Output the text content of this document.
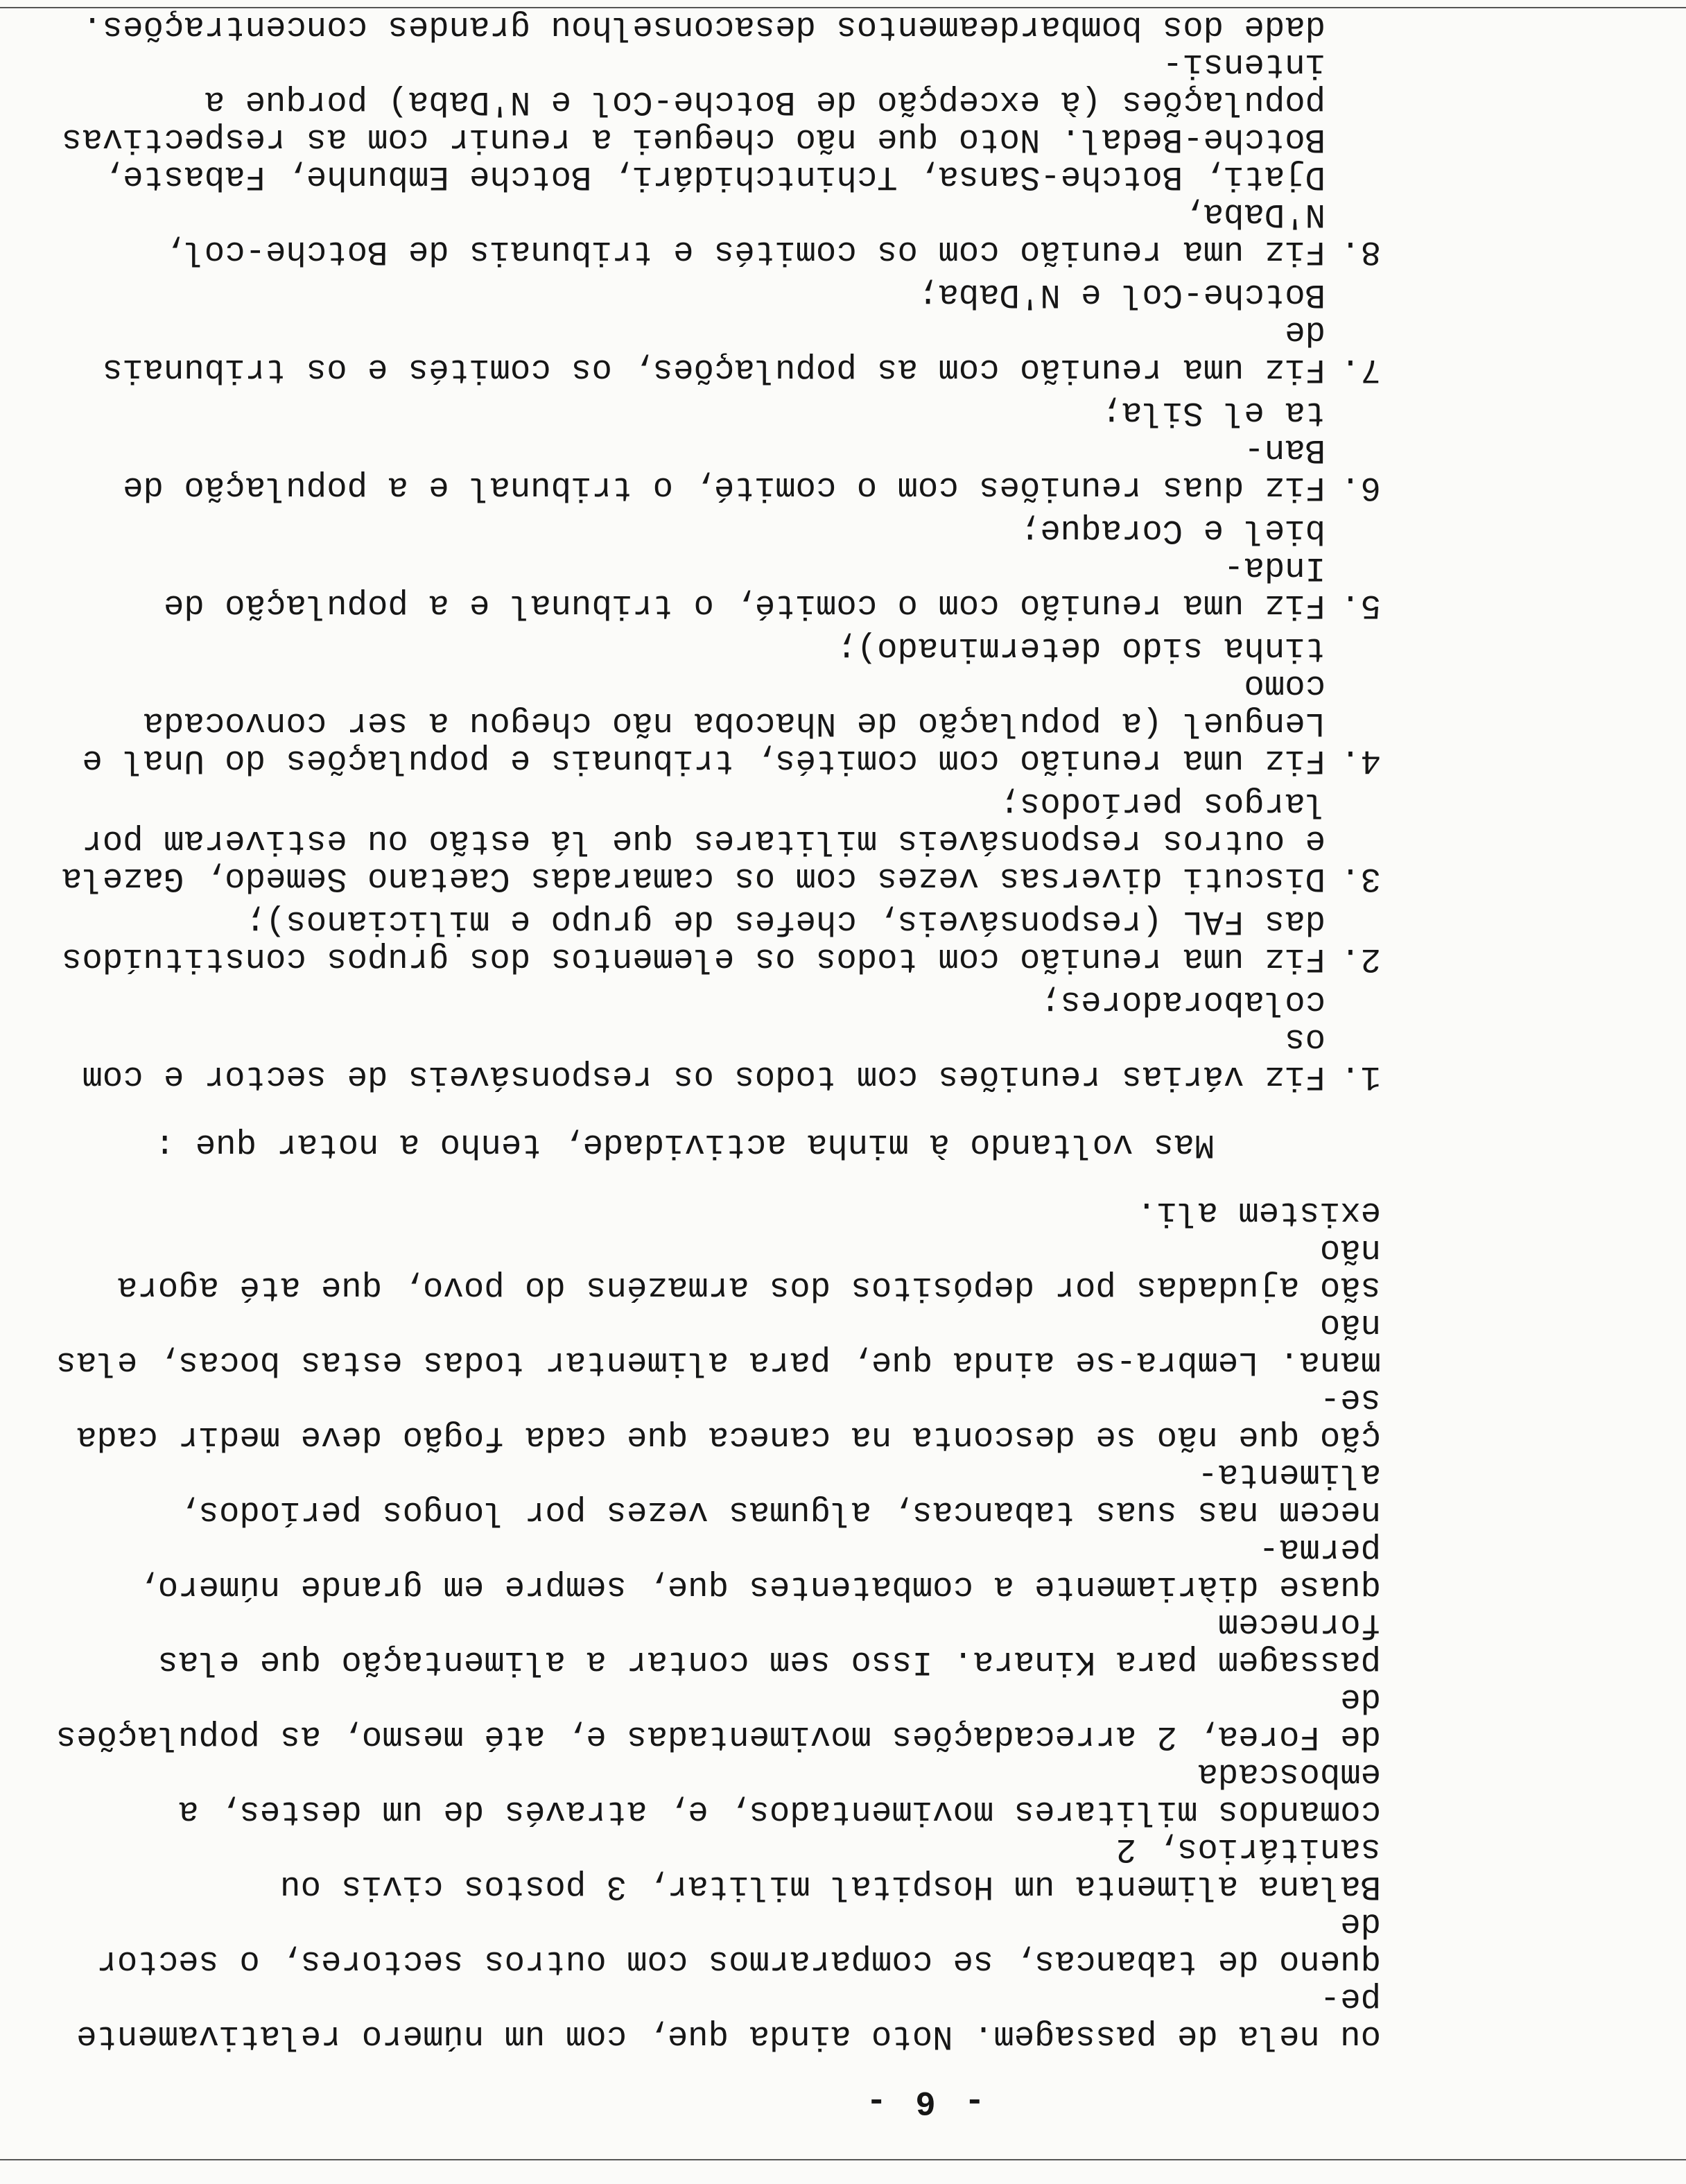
- 6 -

ou nela de passagem. Noto ainda que, com um número relativamente pe-
queno de tabancas, se compararmos com outros sectores, o sector de
Balana alimenta um Hospital militar, 3 postos civis ou sanitários, 2
comandos militares movimentados, e, através de um destes, a emboscada
de Forea, 2 arrecadações movimentadas e, até mesmo, as populações de
passagem para Kinara. Isso sem contar a alimentação que elas fornecem
quase diàriamente a combatentes que, sempre em grande número, perma-
necem nas suas tabancas, algumas vezes por longos períodos, alimenta-
ção que não se desconta na caneca que cada fogão deve medir cada se-
mana. Lembra-se ainda que, para alimentar todas estas bocas, elas não
são ajudadas por depósitos dos armazéns do povo, que até agora não
existem ali.

Mas voltando à minha actividade, tenho a notar que :

1.
Fiz várias reuniões com todos os responsáveis de sector e com os
colaboradores;
2.
Fiz uma reunião com todos os elementos dos grupos constituídos
das FAL (responsáveis, chefes de grupo e milicianos);
3.
Discuti diversas vezes com os camaradas Caetano Semedo, Gazela
e outros responsáveis militares que lá estão ou estiveram por
largos períodos;
4.
Fiz uma reunião com comités, tribunais e populações do Unal e
Lenguel (a população de Nhacoba não chegou a ser convocada como
tinha sido determinado);
5.
Fiz uma reunião com o comité, o tribunal e a população de Inda-
biel e Coraque;
6.
Fiz duas reuniões com o comité, o tribunal e a população de Ban-
ta el Sila;
7.
Fiz uma reunião com as populações, os comités e os tribunais de
Botche-Col e N'Daba;
8.
Fiz uma reunião com os comités e tribunais de Botche-col, N'Daba,
Djati, Botche-Sansa, Tchintchidári, Botche Embunhe, Fabaste,
Botche-Bedal. Noto que não cheguei a reunir com as respectivas
populações (à excepção de Botche-Col e N'Daba) porque a intensi-
dade dos bombardeamentos desaconselhou grandes concentrações.
